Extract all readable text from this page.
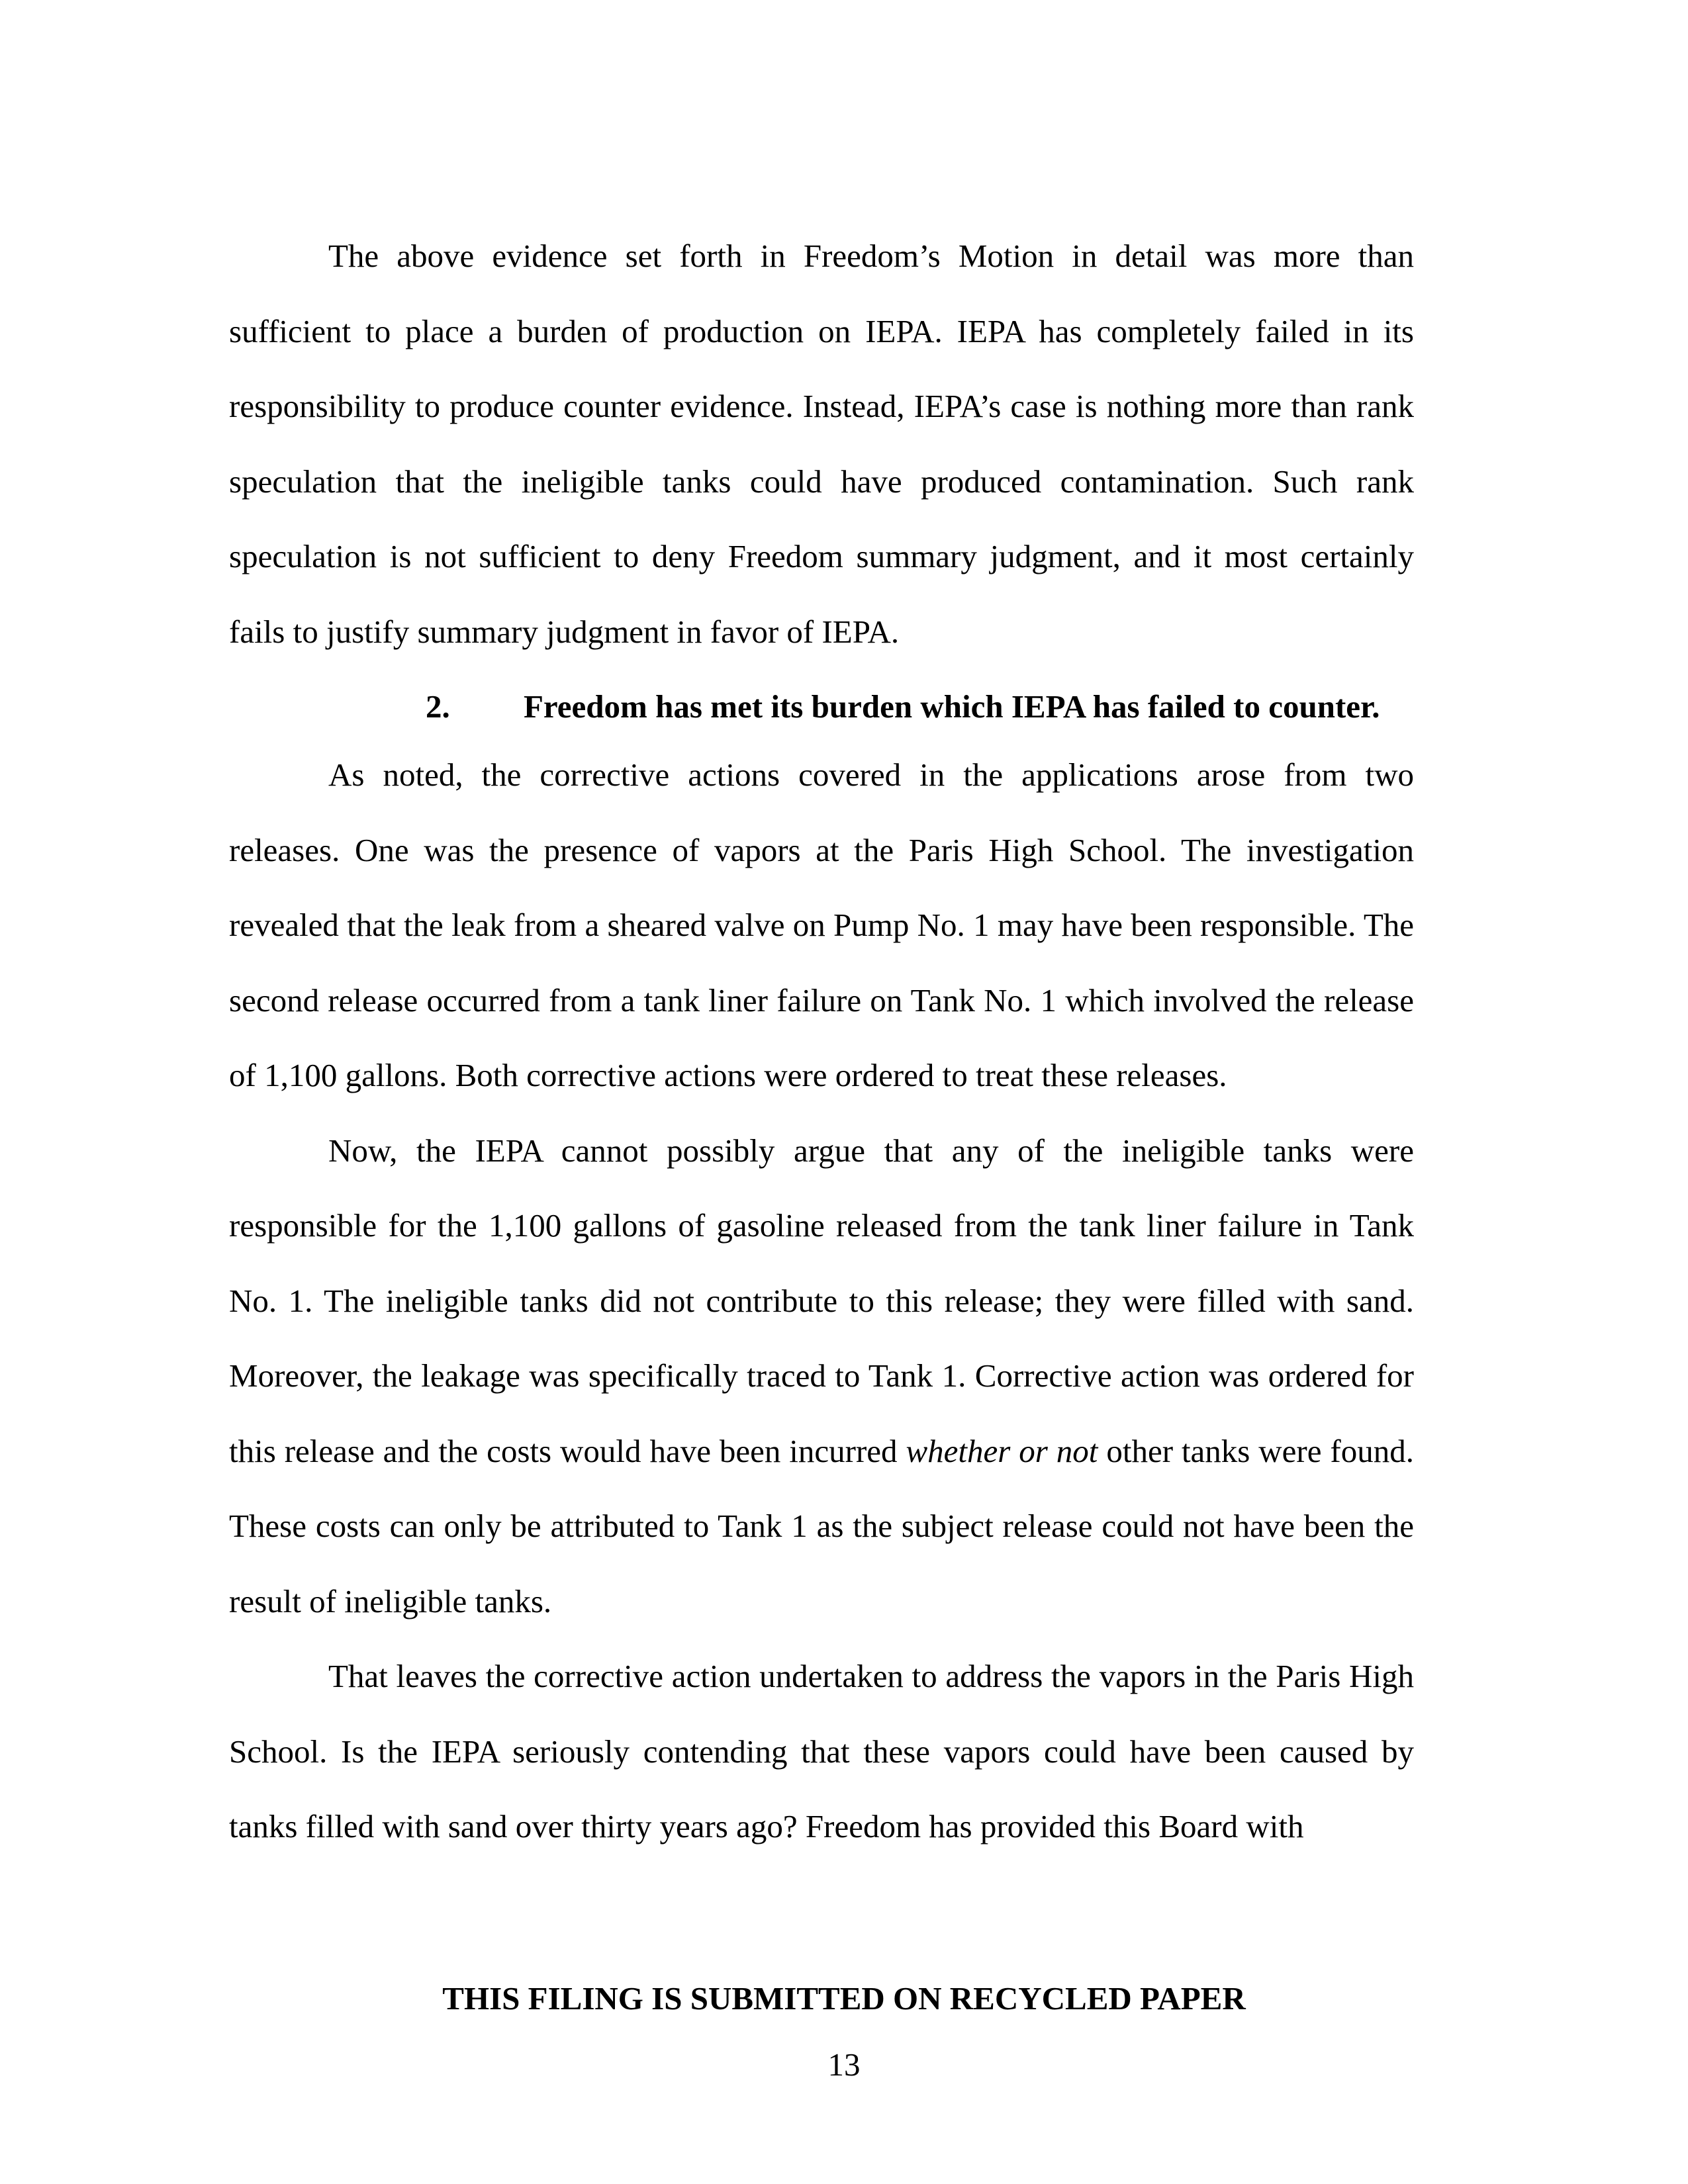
The above evidence set forth in Freedom’s Motion in detail was more than sufficient to place a burden of production on IEPA. IEPA has completely failed in its responsibility to produce counter evidence. Instead, IEPA’s case is nothing more than rank speculation that the ineligible tanks could have produced contamination. Such rank speculation is not sufficient to deny Freedom summary judgment, and it most certainly fails to justify summary judgment in favor of IEPA.

2.	Freedom has met its burden which IEPA has failed to counter.

As noted, the corrective actions covered in the applications arose from two releases. One was the presence of vapors at the Paris High School. The investigation revealed that the leak from a sheared valve on Pump No. 1 may have been responsible. The second release occurred from a tank liner failure on Tank No. 1 which involved the release of 1,100 gallons. Both corrective actions were ordered to treat these releases.

Now, the IEPA cannot possibly argue that any of the ineligible tanks were responsible for the 1,100 gallons of gasoline released from the tank liner failure in Tank No. 1. The ineligible tanks did not contribute to this release; they were filled with sand. Moreover, the leakage was specifically traced to Tank 1. Corrective action was ordered for this release and the costs would have been incurred whether or not other tanks were found. These costs can only be attributed to Tank 1 as the subject release could not have been the result of ineligible tanks.

That leaves the corrective action undertaken to address the vapors in the Paris High School. Is the IEPA seriously contending that these vapors could have been caused by tanks filled with sand over thirty years ago? Freedom has provided this Board with

THIS FILING IS SUBMITTED ON RECYCLED PAPER
13
